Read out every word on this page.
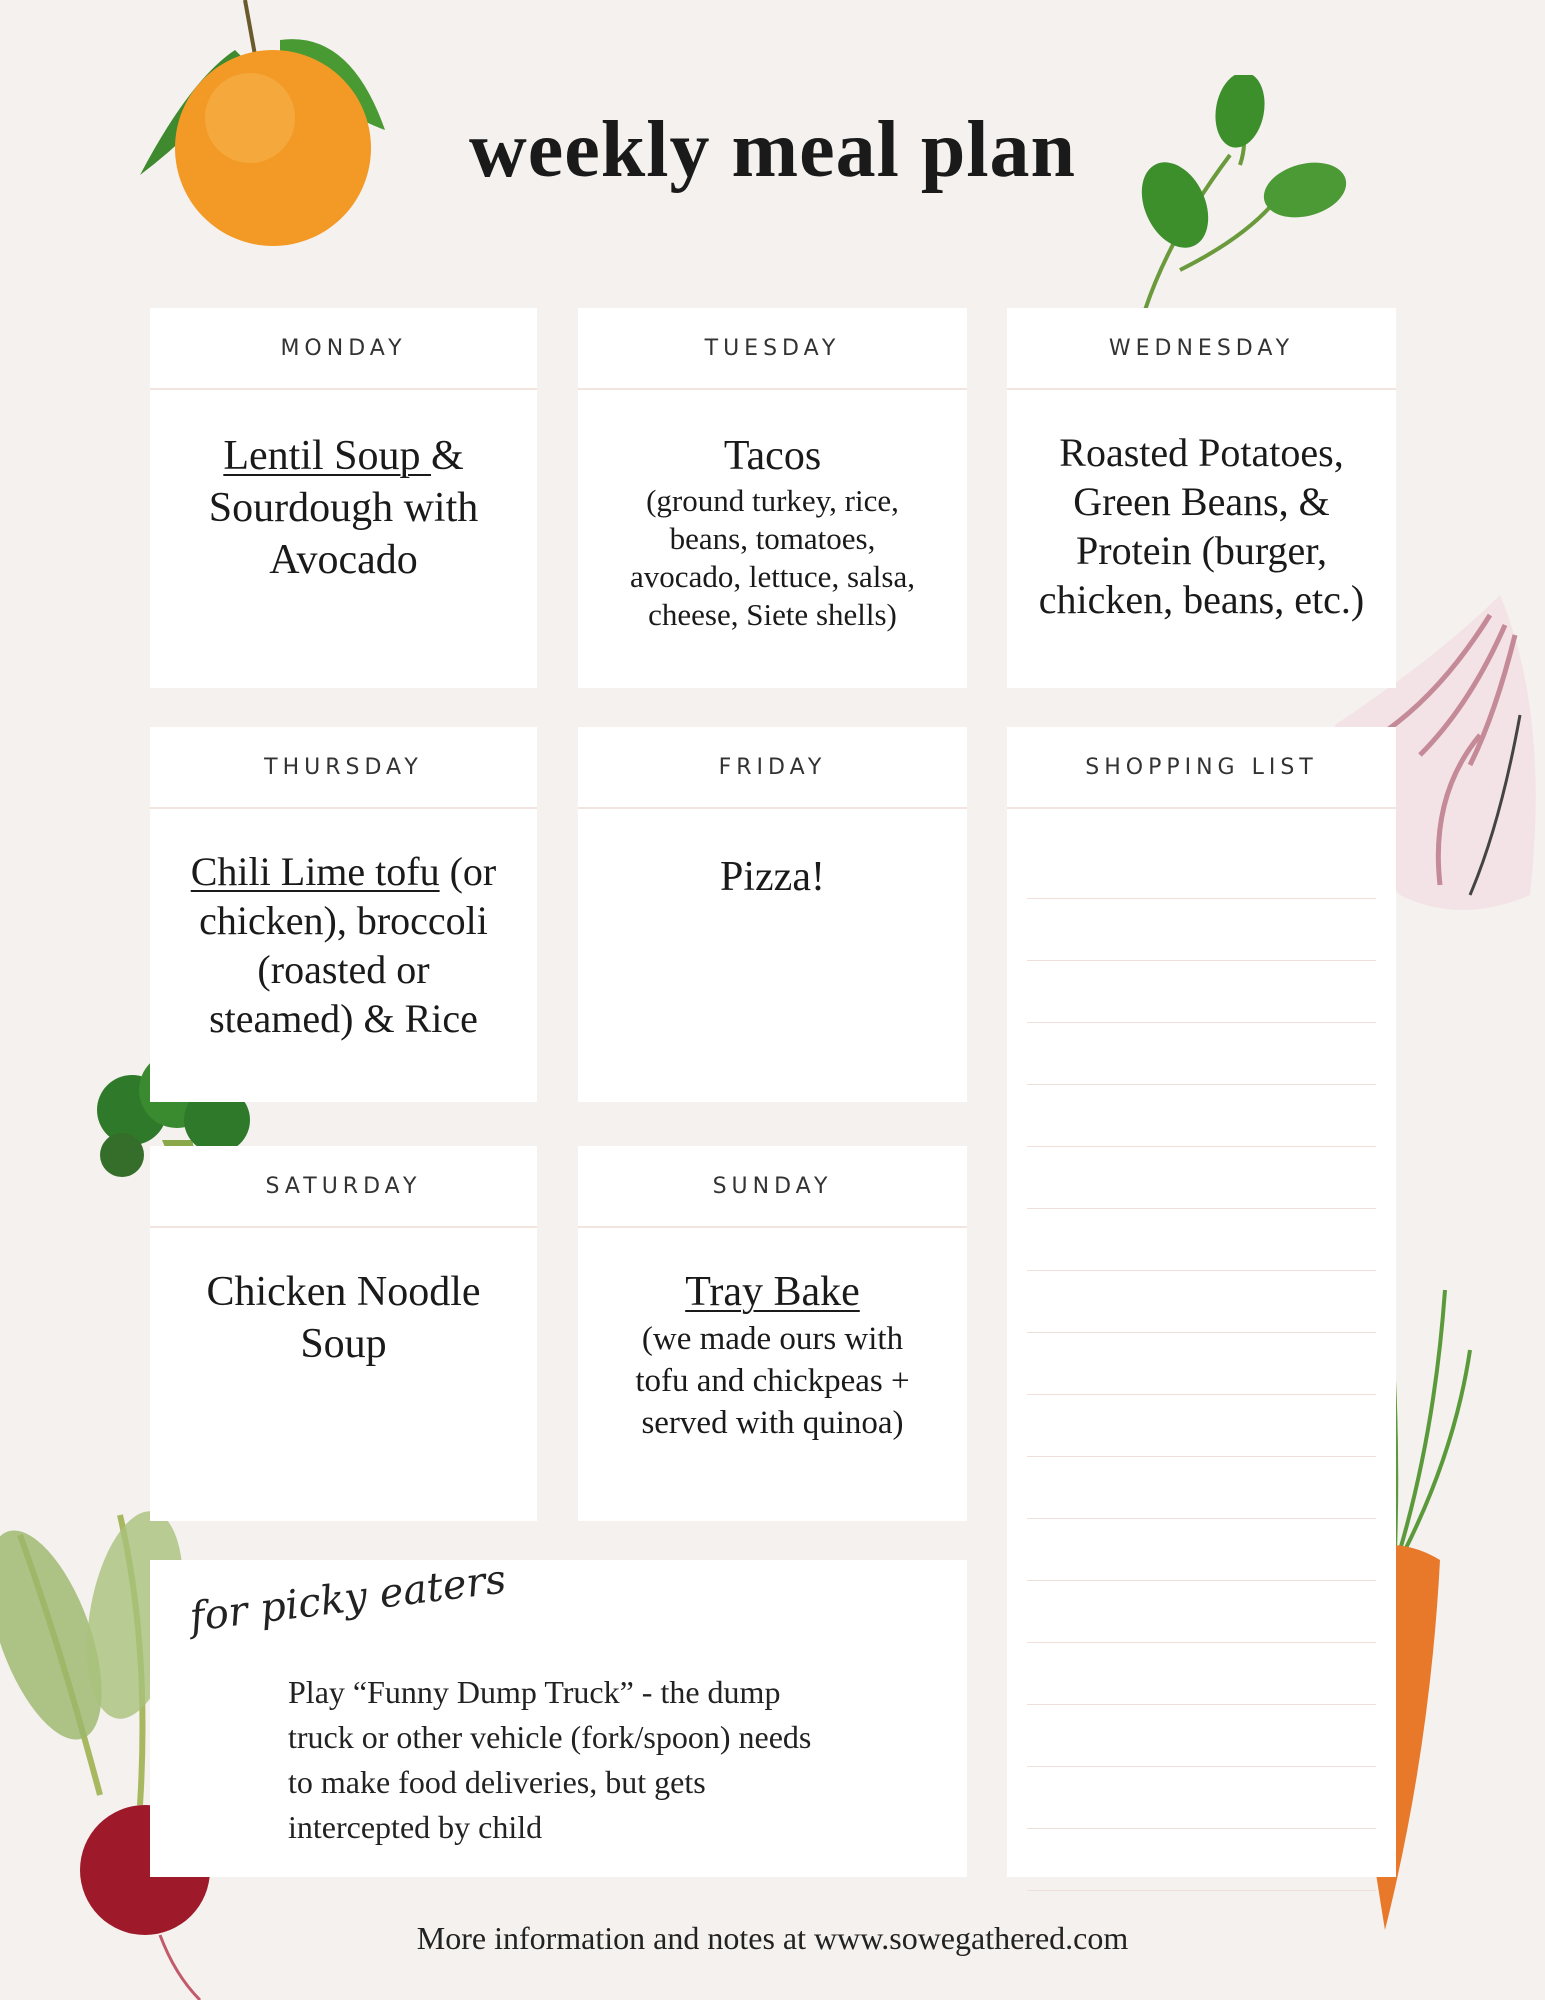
weekly meal plan
MONDAY
Lentil Soup &
Sourdough with
Avocado
TUESDAY
Tacos

(ground turkey, rice,
beans, tomatoes,
avocado, lettuce, salsa,
cheese, Siete shells)
WEDNESDAY
Roasted Potatoes,
Green Beans, &
Protein (burger,
chicken, beans, etc.)
THURSDAY
Chili Lime tofu (or
chicken), broccoli
(roasted or
steamed) & Rice
FRIDAY
Pizza!
SHOPPING LIST
SATURDAY
Chicken Noodle
Soup
SUNDAY
Tray Bake

(we made ours with
tofu and chickpeas +
served with quinoa)
for picky eaters
Play “Funny Dump Truck” - the dump
truck or other vehicle (fork/spoon) needs
to make food deliveries, but gets
intercepted by child
More information and notes at www.sowegathered.com
